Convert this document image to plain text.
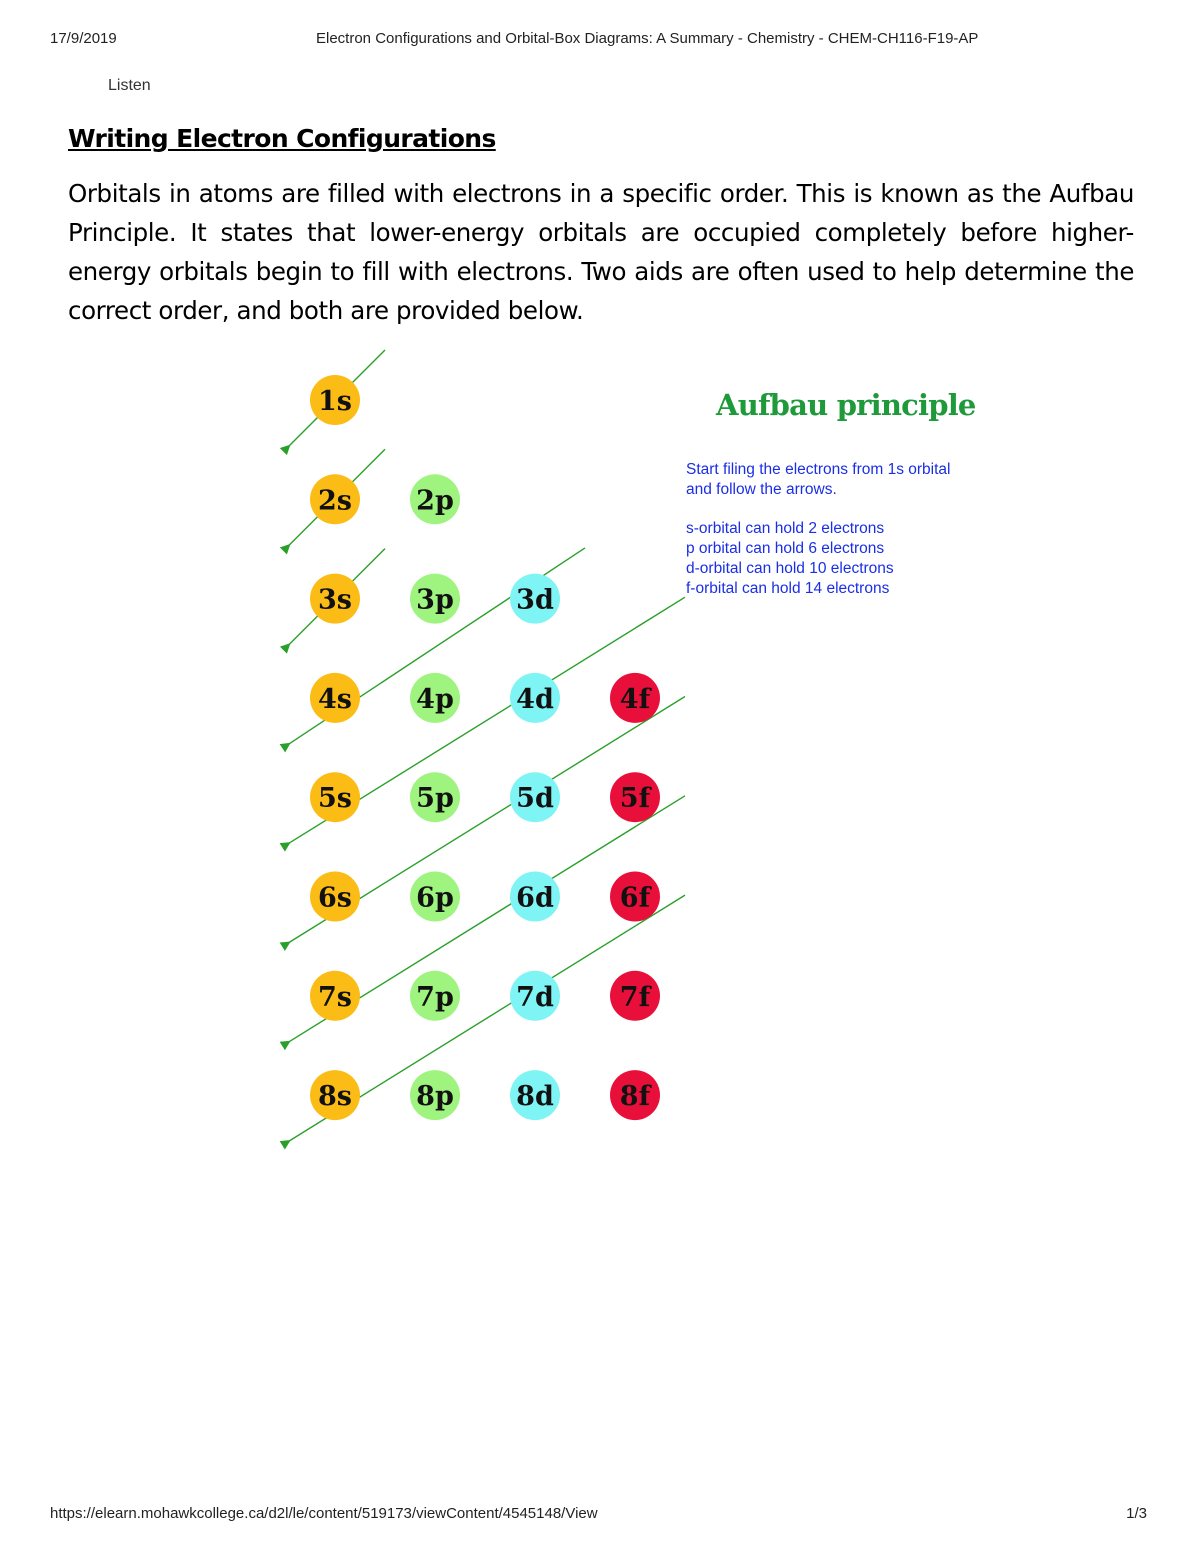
17/9/2019	Electron Configurations and Orbital-Box Diagrams: A Summary - Chemistry - CHEM-CH116-F19-AP
Listen
Writing Electron Configurations
Orbitals in atoms are filled with electrons in a specific order. This is known as the Aufbau Principle. It states that lower-energy orbitals are occupied completely before higher-energy orbitals begin to fill with electrons. Two aids are often used to help determine the correct order, and both are provided below.
1s
2s 2p
3s 3p 3d
4s 4p 4d 4f
5s 5p 5d 5f
6s 6p 6d 6f
7s 7p 7d 7f
8s 8p 8d 8f
Aufbau principle
Start filing the electrons from 1s orbital
and follow the arrows.
s-orbital can hold 2 electrons
p orbital can hold 6 electrons
d-orbital can hold 10 electrons
f-orbital can hold 14 electrons
https://elearn.mohawkcollege.ca/d2l/le/content/519173/viewContent/4545148/View	1/3
